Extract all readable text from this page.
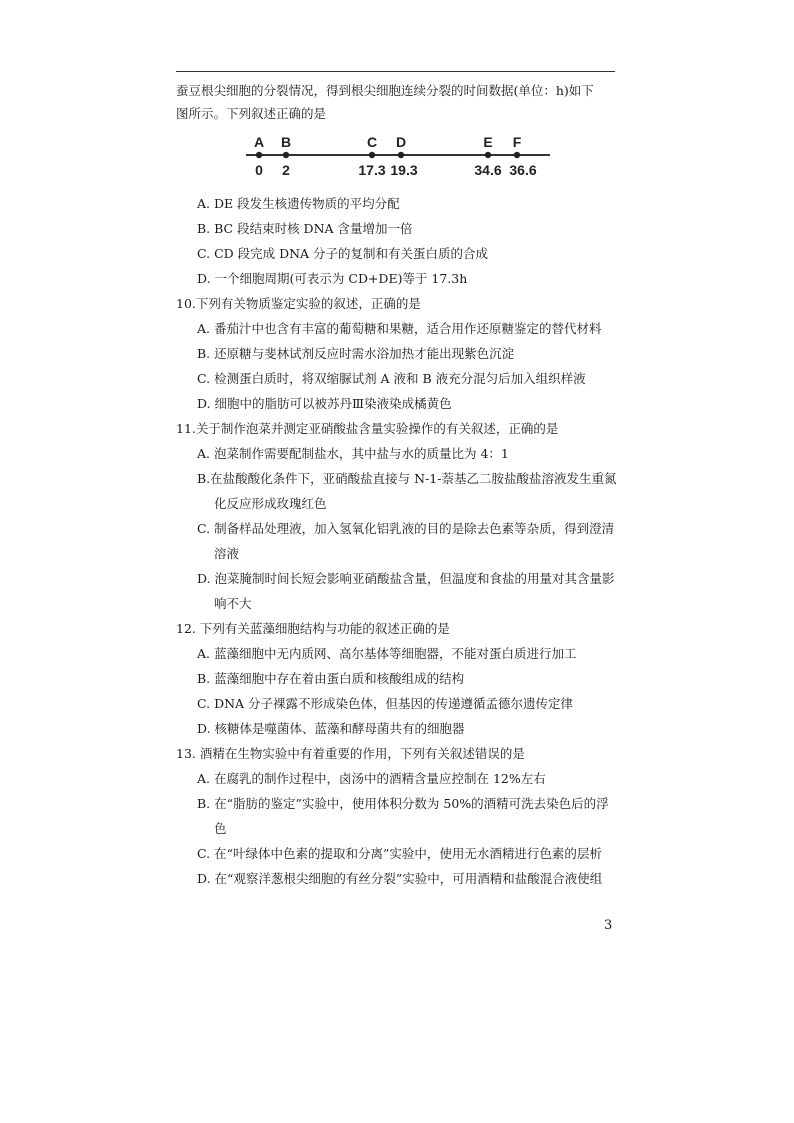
蚕豆根尖细胞的分裂情况，得到根尖细胞连续分裂的时间数据(单位：h)如下
图所示。下列叙述正确的是
A B	C D	E F
0 2	17.3 19.3	34.6 36.6
A. DE 段发生核遗传物质的平均分配
B. BC 段结束时核 DNA 含量增加一倍
C. CD 段完成 DNA 分子的复制和有关蛋白质的合成
D. 一个细胞周期(可表示为 CD+DE)等于 17.3h
10.下列有关物质鉴定实验的叙述，正确的是
A. 番茄汁中也含有丰富的葡萄糖和果糖，适合用作还原糖鉴定的替代材料
B. 还原糖与斐林试剂反应时需水浴加热才能出现紫色沉淀
C. 检测蛋白质时，将双缩脲试剂 A 液和 B 液充分混匀后加入组织样液
D. 细胞中的脂肪可以被苏丹Ⅲ染液染成橘黄色
11.关于制作泡菜并测定亚硝酸盐含量实验操作的有关叙述，正确的是
A. 泡菜制作需要配制盐水，其中盐与水的质量比为 4：1
B.在盐酸酸化条件下，亚硝酸盐直接与 N-1-萘基乙二胺盐酸盐溶液发生重氮
化反应形成玫瑰红色
C. 制备样品处理液，加入氢氧化铝乳液的目的是除去色素等杂质，得到澄清
溶液
D. 泡菜腌制时间长短会影响亚硝酸盐含量，但温度和食盐的用量对其含量影
响不大
12. 下列有关蓝藻细胞结构与功能的叙述正确的是
A. 蓝藻细胞中无内质网、高尔基体等细胞器，不能对蛋白质进行加工
B. 蓝藻细胞中存在着由蛋白质和核酸组成的结构
C. DNA 分子裸露不形成染色体，但基因的传递遵循孟德尔遗传定律
D. 核糖体是噬菌体、蓝藻和酵母菌共有的细胞器
13. 酒精在生物实验中有着重要的作用，下列有关叙述错误的是
A. 在腐乳的制作过程中，卤汤中的酒精含量应控制在 12%左右
B. 在“脂肪的鉴定”实验中，使用体积分数为 50%的酒精可洗去染色后的浮
色
C. 在“叶绿体中色素的提取和分离”实验中，使用无水酒精进行色素的层析
D. 在“观察洋葱根尖细胞的有丝分裂”实验中，可用酒精和盐酸混合液使组
3
